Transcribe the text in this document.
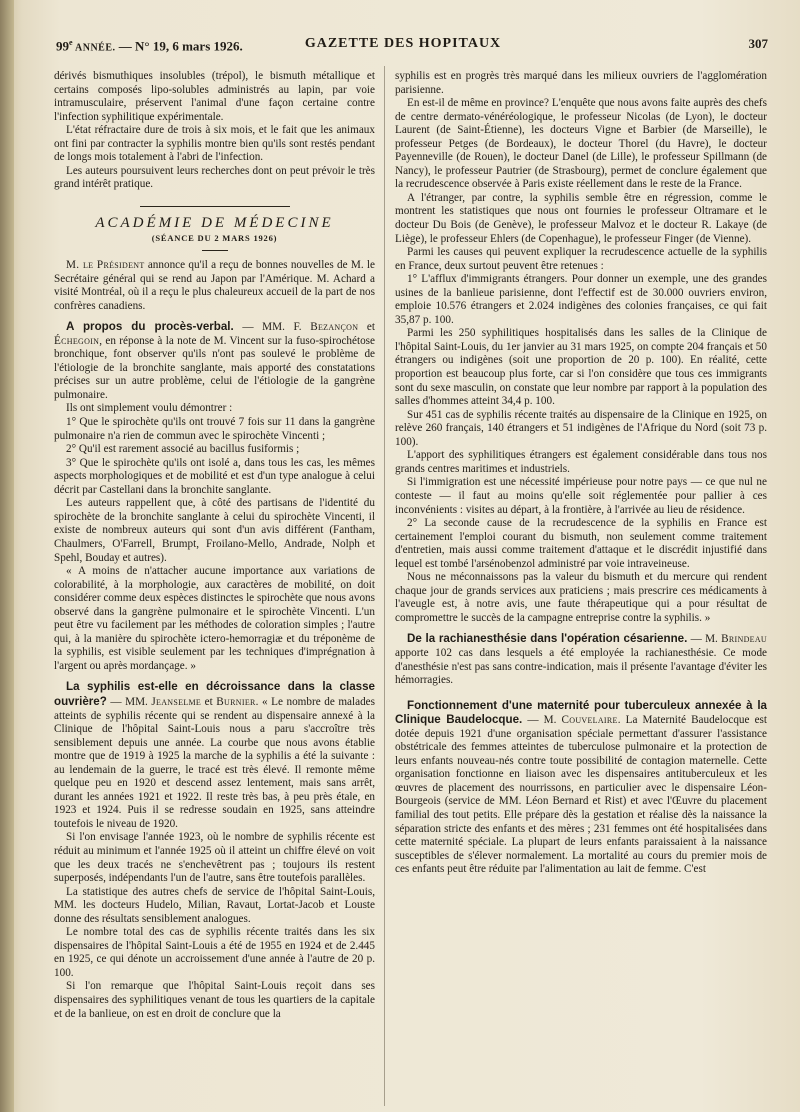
99e ANNÉE. — N° 19, 6 mars 1926.	GAZETTE DES HOPITAUX	307

dérivés bismuthiques insolubles (trépol), le bismuth métallique et certains composés lipo-solubles administrés au lapin, par voie intramusculaire, préservent l'animal d'une façon certaine contre l'infection syphilitique expérimentale.

L'état réfractaire dure de trois à six mois, et le fait que les animaux ont fini par contracter la syphilis montre bien qu'ils sont restés pendant de longs mois totalement à l'abri de l'infection.

Les auteurs poursuivent leurs recherches dont on peut prévoir le très grand intérêt pratique.

ACADÉMIE DE MÉDECINE
(SÉANCE DU 2 MARS 1926)

M. le Président annonce qu'il a reçu de bonnes nouvelles de M. le Secrétaire général qui se rend au Japon par l'Amérique. M. Achard a visité Montréal, où il a reçu le plus chaleureux accueil de la part de nos confrères canadiens.

A propos du procès-verbal. — MM. F. Bezançon et Échegoin, en réponse à la note de M. Vincent sur la fuso-spirochétose bronchique, font observer qu'ils n'ont pas soulevé le problème de l'étiologie de la bronchite sanglante, mais apporté des constatations précises sur un autre problème, celui de l'étiologie de la gangrène pulmonaire.

Ils ont simplement voulu démontrer :

1° Que le spirochète qu'ils ont trouvé 7 fois sur 11 dans la gangrène pulmonaire n'a rien de commun avec le spirochète Vincenti ;

2° Qu'il est rarement associé au bacillus fusiformis ;

3° Que le spirochète qu'ils ont isolé a, dans tous les cas, les mêmes aspects morphologiques et de mobilité et est d'un type analogue à celui décrit par Castellani dans la bronchite sanglante.

Les auteurs rappellent que, à côté des partisans de l'identité du spirochète de la bronchite sanglante à celui du spirochète Vincenti, il existe de nombreux auteurs qui sont d'un avis différent (Fantham, Chaulmers, O'Farrell, Brumpt, Froilano-Mello, Andrade, Nolph et Spehl, Bouday et autres).

« A moins de n'attacher aucune importance aux variations de colorabilité, à la morphologie, aux caractères de mobilité, on doit considérer comme deux espèces distinctes le spirochète que nous avons observé dans la gangrène pulmonaire et le spirochète Vincenti. L'un peut être vu facilement par les méthodes de coloration simples ; l'autre qui, à la manière du spirochète ictero-hemorragiæ et du tréponème de la syphilis, est visible seulement par les techniques d'imprégnation à l'argent ou après mordançage. »

La syphilis est-elle en décroissance dans la classe ouvrière? — MM. Jeanselme et Burnier. « Le nombre de malades atteints de syphilis récente qui se rendent au dispensaire annexé à la Clinique de l'hôpital Saint-Louis nous a paru s'accroître très sensiblement depuis une année. La courbe que nous avons établie montre que de 1919 à 1925 la marche de la syphilis a été la suivante : au lendemain de la guerre, le tracé est très élevé. Il remonte même quelque peu en 1920 et descend assez lentement, mais sans arrêt, durant les années 1921 et 1922. Il reste très bas, à peu près étale, en 1923 et 1924. Puis il se redresse soudain en 1925, sans atteindre toutefois le niveau de 1920.

Si l'on envisage l'année 1923, où le nombre de syphilis récente est réduit au minimum et l'année 1925 où il atteint un chiffre élevé on voit que les deux tracés ne s'enchevêtrent pas ; toujours ils restent superposés, indépendants l'un de l'autre, sans être toutefois parallèles.

La statistique des autres chefs de service de l'hôpital Saint-Louis, MM. les docteurs Hudelo, Milian, Ravaut, Lortat-Jacob et Louste donne des résultats sensiblement analogues.

Le nombre total des cas de syphilis récente traités dans les six dispensaires de l'hôpital Saint-Louis a été de 1955 en 1924 et de 2.445 en 1925, ce qui dénote un accroissement d'une année à l'autre de 20 p. 100.

Si l'on remarque que l'hôpital Saint-Louis reçoit dans ses dispensaires des syphilitiques venant de tous les quartiers de la capitale et de la banlieue, on est en droit de conclure que la

syphilis est en progrès très marqué dans les milieux ouvriers de l'agglomération parisienne.

En est-il de même en province? L'enquête que nous avons faite auprès des chefs de centre dermato-vénéréologique, le professeur Nicolas (de Lyon), le docteur Laurent (de Saint-Étienne), les docteurs Vigne et Barbier (de Marseille), le professeur Petges (de Bordeaux), le docteur Thorel (du Havre), le docteur Payenneville (de Rouen), le docteur Danel (de Lille), le professeur Spillmann (de Nancy), le professeur Pautrier (de Strasbourg), permet de conclure également que la recrudescence observée à Paris existe réellement dans le reste de la France.

A l'étranger, par contre, la syphilis semble être en régression, comme le montrent les statistiques que nous ont fournies le professeur Oltramare et le docteur Du Bois (de Genève), le professeur Malvoz et le docteur R. Lakaye (de Liège), le professeur Ehlers (de Copenhague), le professeur Finger (de Vienne).

Parmi les causes qui peuvent expliquer la recrudescence actuelle de la syphilis en France, deux surtout peuvent être retenues :

1° L'afflux d'immigrants étrangers. Pour donner un exemple, une des grandes usines de la banlieue parisienne, dont l'effectif est de 30.000 ouvriers environ, emploie 10.576 étrangers et 2.024 indigènes des colonies françaises, ce qui fait 35,87 p. 100.

Parmi les 250 syphilitiques hospitalisés dans les salles de la Clinique de l'hôpital Saint-Louis, du 1er janvier au 31 mars 1925, on compte 204 français et 50 étrangers ou indigènes (soit une proportion de 20 p. 100). En réalité, cette proportion est beaucoup plus forte, car si l'on considère que tous ces immigrants sont du sexe masculin, on constate que leur nombre par rapport à la population des salles d'hommes atteint 34,4 p. 100.

Sur 451 cas de syphilis récente traités au dispensaire de la Clinique en 1925, on relève 260 français, 140 étrangers et 51 indigènes de l'Afrique du Nord (soit 73 p. 100).

L'apport des syphilitiques étrangers est également considérable dans tous nos grands centres maritimes et industriels.

Si l'immigration est une nécessité impérieuse pour notre pays — ce que nul ne conteste — il faut au moins qu'elle soit réglementée pour pallier à ces inconvénients : visites au départ, à la frontière, à l'arrivée au lieu de résidence.

2° La seconde cause de la recrudescence de la syphilis en France est certainement l'emploi courant du bismuth, non seulement comme traitement d'entretien, mais aussi comme traitement d'attaque et le discrédit injustifié dans lequel est tombé l'arsénobenzol administré par voie intraveineuse.

Nous ne méconnaissons pas la valeur du bismuth et du mercure qui rendent chaque jour de grands services aux praticiens ; mais prescrire ces médicaments à l'aveugle est, à notre avis, une faute thérapeutique qui a pour résultat de compromettre le succès de la campagne entreprise contre la syphilis. »

De la rachianesthésie dans l'opération césarienne. — M. Brindeau apporte 102 cas dans lesquels a été employée la rachianesthésie. Ce mode d'anesthésie n'est pas sans contre-indication, mais il présente l'avantage d'éviter les hémorragies.

Fonctionnement d'une maternité pour tuberculeux annexée à la Clinique Baudelocque. — M. Couvelaire. La Maternité Baudelocque est dotée depuis 1921 d'une organisation spéciale permettant d'assurer l'assistance obstétricale des femmes atteintes de tuberculose pulmonaire et la protection de leurs enfants nouveau-nés contre toute possibilité de contagion maternelle. Cette organisation fonctionne en liaison avec les dispensaires antituberculeux et les œuvres de placement des nourrissons, en particulier avec le dispensaire Léon-Bourgeois (service de MM. Léon Bernard et Rist) et avec l'Œuvre du placement familial des tout petits. Elle prépare dès la gestation et réalise dès la naissance la séparation stricte des enfants et des mères ; 231 femmes ont été hospitalisées dans cette maternité spéciale. La plupart de leurs enfants paraissaient à la naissance susceptibles de s'élever normalement. La mortalité au cours du premier mois de ces enfants peut être réduite par l'alimentation au lait de femme. C'est
